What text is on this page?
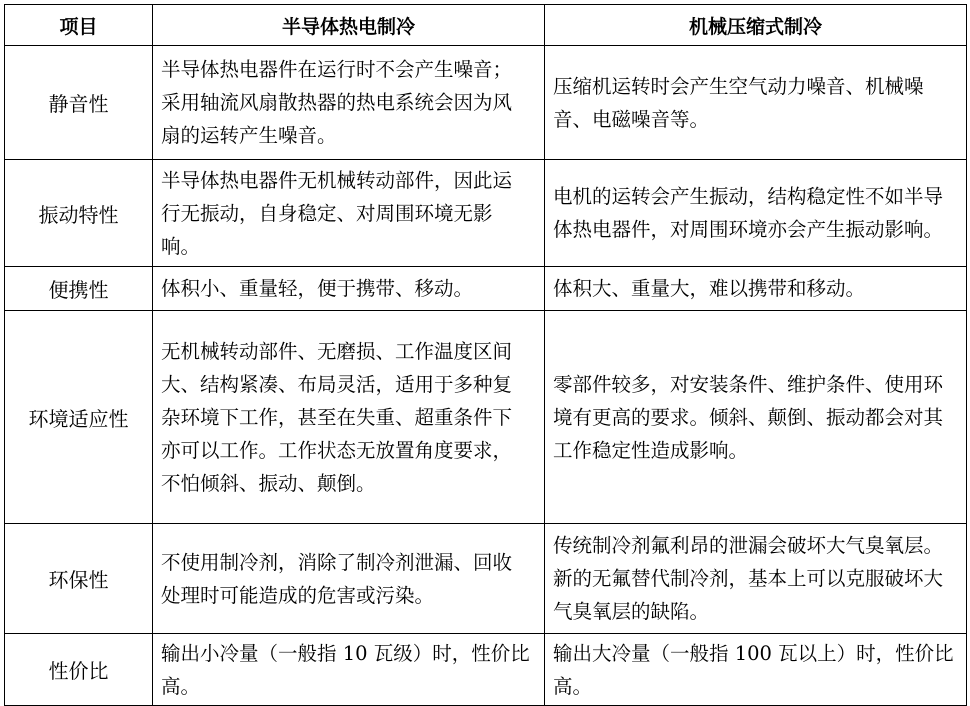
项目	半导体热电制冷	机械压缩式制冷
静音性	半导体热电器件在运行时不会产生噪音；采用轴流风扇散热器的热电系统会因为风扇的运转产生噪音。	压缩机运转时会产生空气动力噪音、机械噪音、电磁噪音等。
振动特性	半导体热电器件无机械转动部件，因此运行无振动，自身稳定、对周围环境无影响。	电机的运转会产生振动，结构稳定性不如半导体热电器件，对周围环境亦会产生振动影响。
便携性	体积小、重量轻，便于携带、移动。	体积大、重量大，难以携带和移动。
环境适应性	无机械转动部件、无磨损、工作温度区间大、结构紧凑、布局灵活，适用于多种复杂环境下工作，甚至在失重、超重条件下亦可以工作。工作状态无放置角度要求，不怕倾斜、振动、颠倒。	零部件较多，对安装条件、维护条件、使用环境有更高的要求。倾斜、颠倒、振动都会对其工作稳定性造成影响。
环保性	不使用制冷剂，消除了制冷剂泄漏、回收处理时可能造成的危害或污染。	传统制冷剂氟利昂的泄漏会破坏大气臭氧层。新的无氟替代制冷剂，基本上可以克服破坏大气臭氧层的缺陷。
性价比	输出小冷量（一般指 10 瓦级）时，性价比高。	输出大冷量（一般指 100 瓦以上）时，性价比高。
